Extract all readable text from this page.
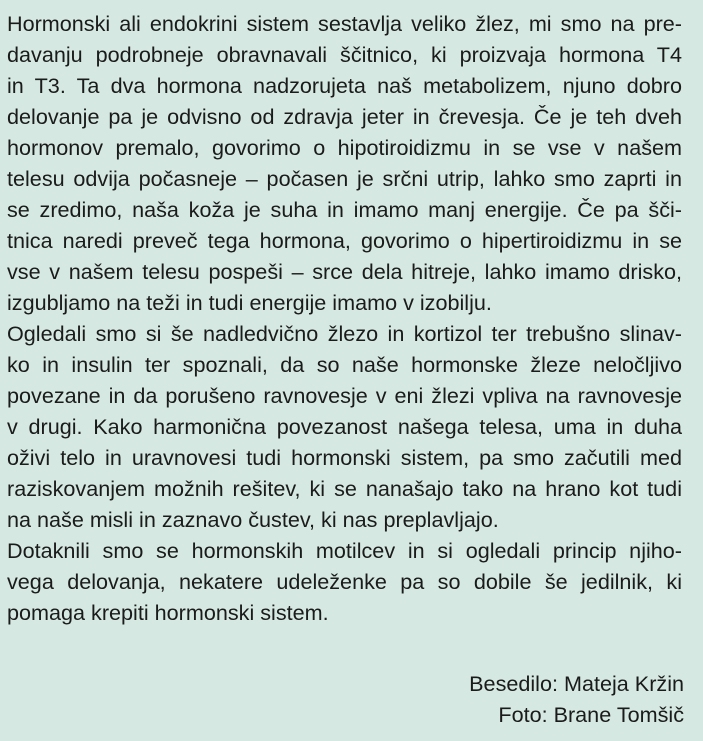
Hormonski ali endokrini sistem sestavlja veliko žlez, mi smo na pre-
davanju podrobneje obravnavali ščitnico, ki proizvaja hormona T4
in T3. Ta dva hormona nadzorujeta naš metabolizem, njuno dobro
delovanje pa je odvisno od zdravja jeter in črevesja. Če je teh dveh
hormonov premalo, govorimo o hipotiroidizmu in se vse v našem
telesu odvija počasneje – počasen je srčni utrip, lahko smo zaprti in
se zredimo, naša koža je suha in imamo manj energije. Če pa šči-
tnica naredi preveč tega hormona, govorimo o hipertiroidizmu in se
vse v našem telesu pospeši – srce dela hitreje, lahko imamo drisko,
izgubljamo na teži in tudi energije imamo v izobilju.
Ogledali smo si še nadledvično žlezo in kortizol ter trebušno slinav-
ko in insulin ter spoznali, da so naše hormonske žleze neločljivo
povezane in da porušeno ravnovesje v eni žlezi vpliva na ravnovesje
v drugi. Kako harmonična povezanost našega telesa, uma in duha
oživi telo in uravnovesi tudi hormonski sistem, pa smo začutili med
raziskovanjem možnih rešitev, ki se nanašajo tako na hrano kot tudi
na naše misli in zaznavo čustev, ki nas preplavljajo.
Dotaknili smo se hormonskih motilcev in si ogledali princip njiho-
vega delovanja, nekatere udeleženke pa so dobile še jedilnik, ki
pomaga krepiti hormonski sistem.
Besedilo: Mateja Kržin
Foto: Brane Tomšič
